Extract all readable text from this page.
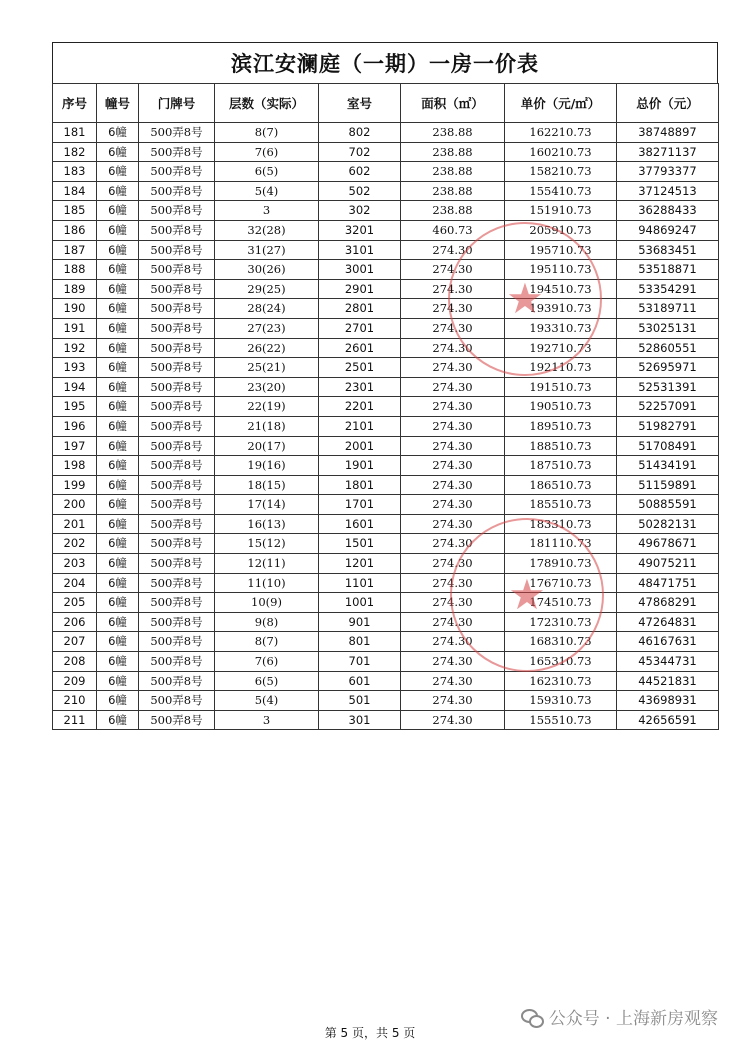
滨江安澜庭（一期）一房一价表
序号	幢号	门牌号	层数（实际）	室号	面积（㎡）	单价（元/㎡）	总价（元）
181	6幢	500弄8号	8(7)	802	238.88	162210.73	38748897
182	6幢	500弄8号	7(6)	702	238.88	160210.73	38271137
183	6幢	500弄8号	6(5)	602	238.88	158210.73	37793377
184	6幢	500弄8号	5(4)	502	238.88	155410.73	37124513
185	6幢	500弄8号	3	302	238.88	151910.73	36288433
186	6幢	500弄8号	32(28)	3201	460.73	205910.73	94869247
187	6幢	500弄8号	31(27)	3101	274.30	195710.73	53683451
188	6幢	500弄8号	30(26)	3001	274.30	195110.73	53518871
189	6幢	500弄8号	29(25)	2901	274.30	194510.73	53354291
190	6幢	500弄8号	28(24)	2801	274.30	193910.73	53189711
191	6幢	500弄8号	27(23)	2701	274.30	193310.73	53025131
192	6幢	500弄8号	26(22)	2601	274.30	192710.73	52860551
193	6幢	500弄8号	25(21)	2501	274.30	192110.73	52695971
194	6幢	500弄8号	23(20)	2301	274.30	191510.73	52531391
195	6幢	500弄8号	22(19)	2201	274.30	190510.73	52257091
196	6幢	500弄8号	21(18)	2101	274.30	189510.73	51982791
197	6幢	500弄8号	20(17)	2001	274.30	188510.73	51708491
198	6幢	500弄8号	19(16)	1901	274.30	187510.73	51434191
199	6幢	500弄8号	18(15)	1801	274.30	186510.73	51159891
200	6幢	500弄8号	17(14)	1701	274.30	185510.73	50885591
201	6幢	500弄8号	16(13)	1601	274.30	183310.73	50282131
202	6幢	500弄8号	15(12)	1501	274.30	181110.73	49678671
203	6幢	500弄8号	12(11)	1201	274.30	178910.73	49075211
204	6幢	500弄8号	11(10)	1101	274.30	176710.73	48471751
205	6幢	500弄8号	10(9)	1001	274.30	174510.73	47868291
206	6幢	500弄8号	9(8)	901	274.30	172310.73	47264831
207	6幢	500弄8号	8(7)	801	274.30	168310.73	46167631
208	6幢	500弄8号	7(6)	701	274.30	165310.73	45344731
209	6幢	500弄8号	6(5)	601	274.30	162310.73	44521831
210	6幢	500弄8号	5(4)	501	274.30	159310.73	43698931
211	6幢	500弄8号	3	301	274.30	155510.73	42656591
★
★
公众号 · 上海新房观察
第 5 页，共 5 页
